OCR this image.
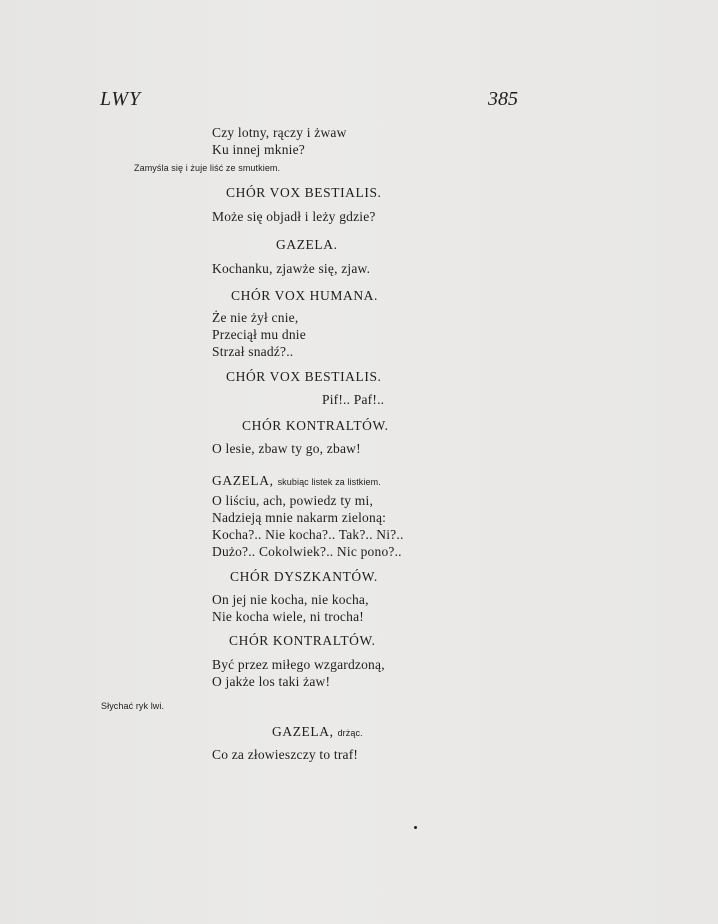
LWY	385
Czy lotny, rączy i żwaw
Ku innej mknie?
Zamyśla się i żuje liść ze smutkiem.
CHÓR VOX BESTIALIS.
Może się objadł i leży gdzie?
GAZELA.
Kochanku, zjawże się, zjaw.
CHÓR VOX HUMANA.
Że nie żył cnie,
Przeciął mu dnie
Strzał snadź?..
CHÓR VOX BESTIALIS.
Pif!.. Paf!..
CHÓR KONTRALTÓW.
O lesie, zbaw ty go, zbaw!
GAZELA, skubiąc listek za listkiem.
O liściu, ach, powiedz ty mi,
Nadzieją mnie nakarm zieloną:
Kocha?.. Nie kocha?.. Tak?.. Ni?..
Dużo?.. Cokolwiek?.. Nic pono?..
CHÓR DYSZKANTÓW.
On jej nie kocha, nie kocha,
Nie kocha wiele, ni trocha!
CHÓR KONTRALTÓW.
Być przez miłego wzgardzoną,
O jakże los taki żaw!
Słychać ryk lwi.
GAZELA, drżąc.
Co za złowieszczy to traf!
